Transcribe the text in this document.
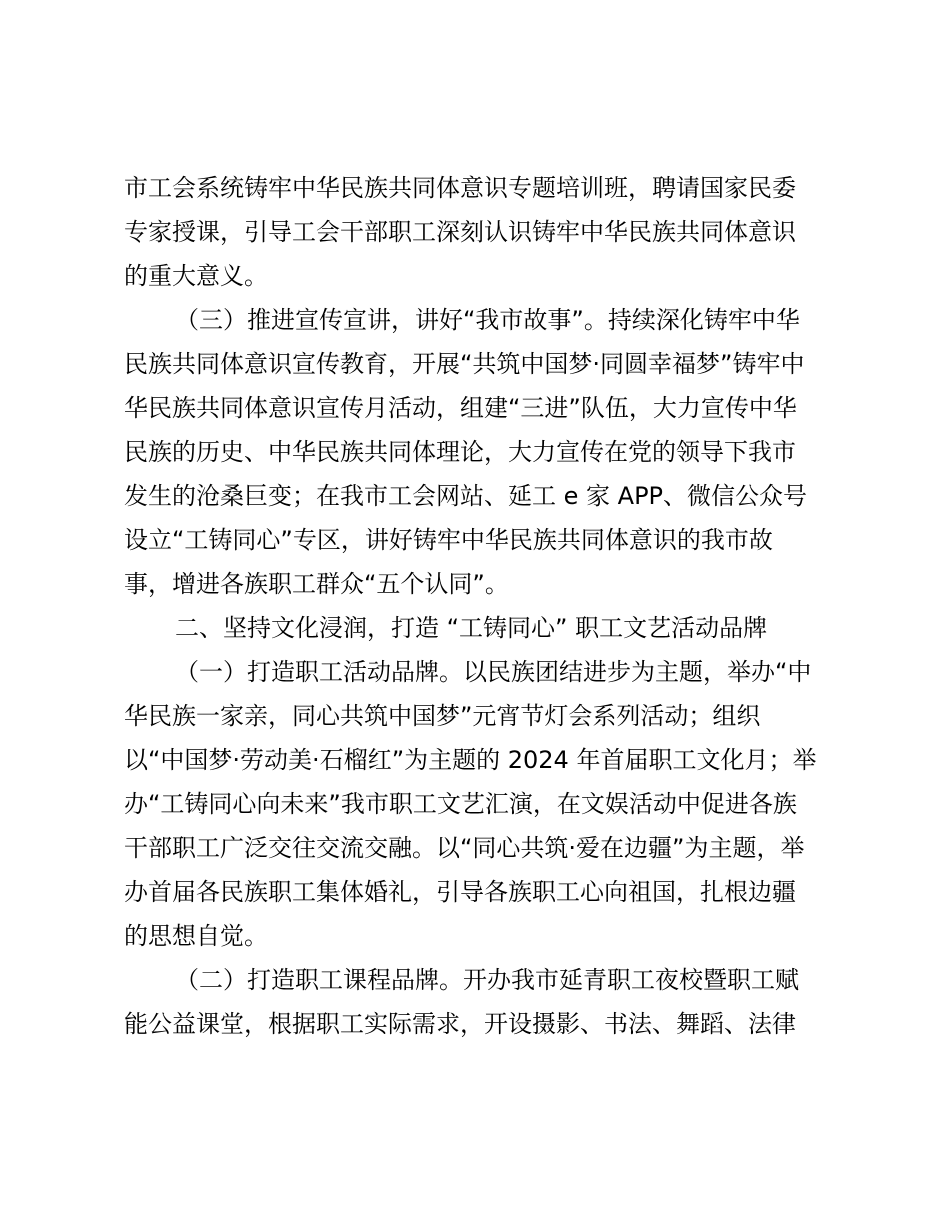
市工会系统铸牢中华民族共同体意识专题培训班，聘请国家民委
专家授课，引导工会干部职工深刻认识铸牢中华民族共同体意识
的重大意义。
（三）推进宣传宣讲，讲好“我市故事”。持续深化铸牢中华
民族共同体意识宣传教育，开展“共筑中国梦·同圆幸福梦”铸牢中
华民族共同体意识宣传月活动，组建“三进”队伍，大力宣传中华
民族的历史、中华民族共同体理论，大力宣传在党的领导下我市
发生的沧桑巨变；在我市工会网站、延工 e 家 APP、微信公众号
设立“工铸同心”专区，讲好铸牢中华民族共同体意识的我市故
事，增进各族职工群众“五个认同”。
二、坚持文化浸润，打造 “工铸同心” 职工文艺活动品牌
（一）打造职工活动品牌。以民族团结进步为主题，举办“中
华民族一家亲，同心共筑中国梦”元宵节灯会系列活动；组织
以“中国梦·劳动美·石榴红”为主题的 2024 年首届职工文化月；举
办“工铸同心向未来”我市职工文艺汇演，在文娱活动中促进各族
干部职工广泛交往交流交融。以“同心共筑·爱在边疆”为主题，举
办首届各民族职工集体婚礼，引导各族职工心向祖国，扎根边疆
的思想自觉。
（二）打造职工课程品牌。开办我市延青职工夜校暨职工赋
能公益课堂，根据职工实际需求，开设摄影、书法、舞蹈、法律
